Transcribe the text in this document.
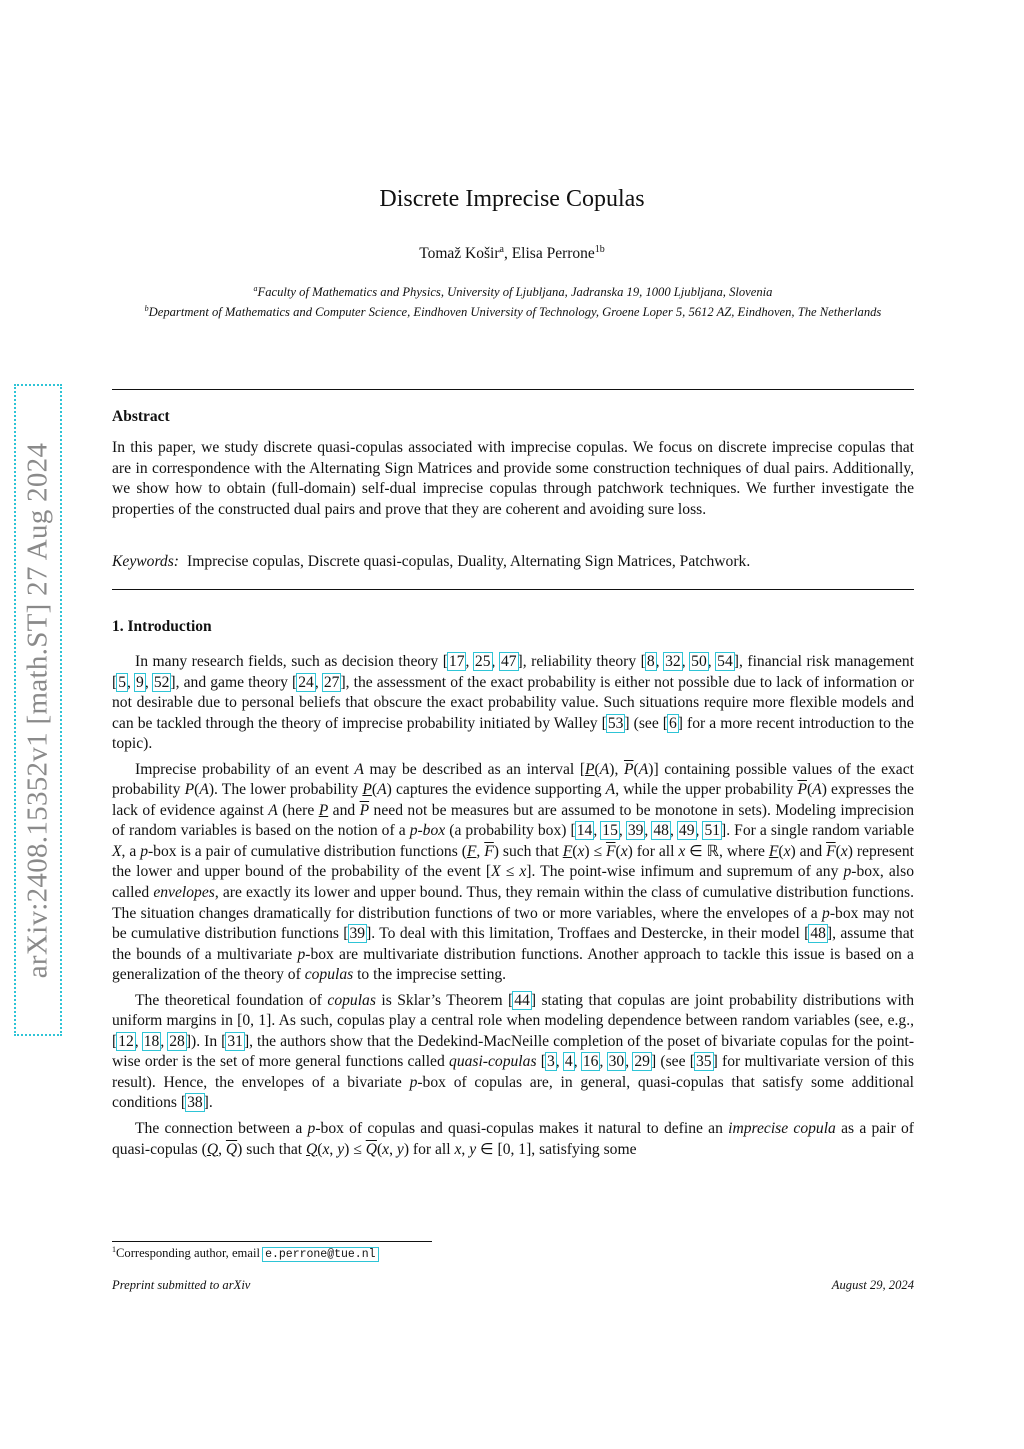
arXiv:2408.15352v1 [math.ST] 27 Aug 2024
Discrete Imprecise Copulas
Tomaž Košir$^a$, Elisa Perrone$^{1b}$
$^a$Faculty of Mathematics and Physics, University of Ljubljana, Jadranska 19, 1000 Ljubljana, Slovenia
$^b$Department of Mathematics and Computer Science, Eindhoven University of Technology, Groene Loper 5, 5612 AZ, Eindhoven, The Netherlands
Abstract
In this paper, we study discrete quasi-copulas associated with imprecise copulas. We focus on discrete imprecise copulas that are in correspondence with the Alternating Sign Matrices and provide some construction techniques of dual pairs. Additionally, we show how to obtain (full-domain) self-dual imprecise copulas through patchwork techniques. We further investigate the properties of the constructed dual pairs and prove that they are coherent and avoiding sure loss.
Keywords: Imprecise copulas, Discrete quasi-copulas, Duality, Alternating Sign Matrices, Patchwork.
1. Introduction

In many research fields, such as decision theory [17, 25, 47], reliability theory [8, 32, 50, 54], financial risk management [5, 9, 52], and game theory [24, 27], the assessment of the exact probability is either not possible due to lack of information or not desirable due to personal beliefs that obscure the exact probability value. Such situations require more flexible models and can be tackled through the theory of imprecise probability initiated by Walley [53] (see [6] for a more recent introduction to the topic).

Imprecise probability of an event A may be described as an interval [P(A), $\overline{P}(A)$] containing possible values of the exact probability P(A). The lower probability P(A) captures the evidence supporting A, while the upper probability $\overline{P}(A)$ expresses the lack of evidence against A (here P and $\overline{P}$ need not be measures but are assumed to be monotone in sets). Modeling imprecision of random variables is based on the notion of a p-box (a probability box) [14, 15, 39, 48, 49, 51]. For a single random variable X, a p-box is a pair of cumulative distribution functions (F, $\overline{F}$) such that $F(x) \le \overline{F}(x)$ for all x ∈ ℝ, where F(x) and $\overline{F}(x)$ represent the lower and upper bound of the probability of the event [X ≤ x]. The point-wise infimum and supremum of any p-box, also called envelopes, are exactly its lower and upper bound. Thus, they remain within the class of cumulative distribution functions. The situation changes dramatically for distribution functions of two or more variables, where the envelopes of a p-box may not be cumulative distribution functions [39]. To deal with this limitation, Troffaes and Destercke, in their model [48], assume that the bounds of a multivariate p-box are multivariate distribution functions. Another approach to tackle this issue is based on a generalization of the theory of copulas to the imprecise setting.

The theoretical foundation of copulas is Sklar’s Theorem [44] stating that copulas are joint probability distributions with uniform margins in [0, 1]. As such, copulas play a central role when modeling dependence between random variables (see, e.g., [12, 18, 28]). In [31], the authors show that the Dedekind-MacNeille completion of the poset of bivariate copulas for the point-wise order is the set of more general functions called quasi-copulas [3, 4, 16, 30, 29] (see [35] for multivariate version of this result). Hence, the envelopes of a bivariate p-box of copulas are, in general, quasi-copulas that satisfy some additional conditions [38].

The connection between a p-box of copulas and quasi-copulas makes it natural to define an imprecise copula as a pair of quasi-copulas (Q, $\overline{Q}$) such that Q(x, $y) \le \overline{Q}(x$, y) for all x, y ∈ [0, 1], satisfying some

$^1$Corresponding author, email e.perrone@tue.nl
Preprint submitted to arXiv	August 29, 2024
